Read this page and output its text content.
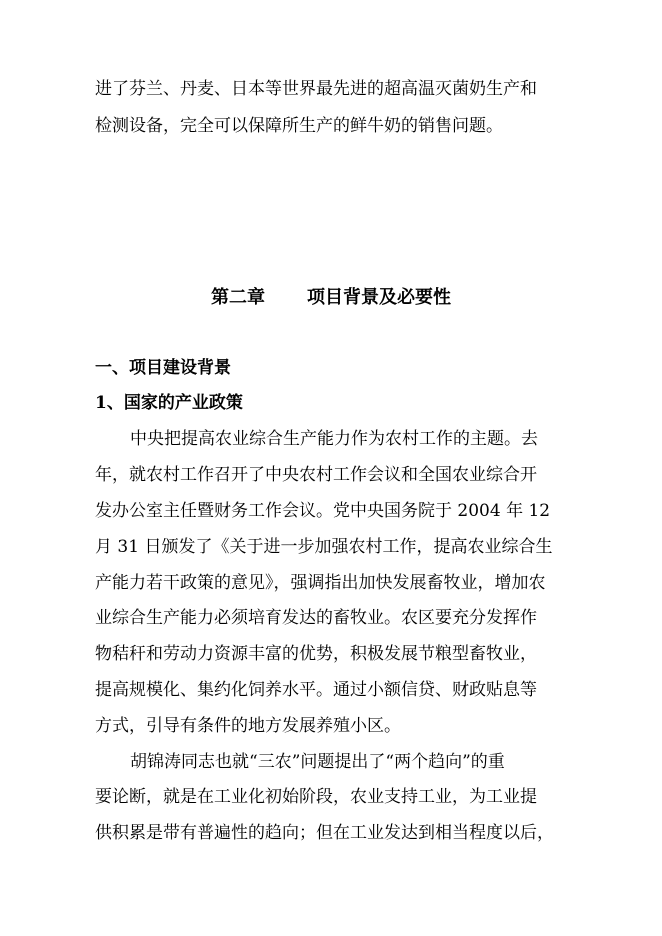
进了芬兰、丹麦、日本等世界最先进的超高温灭菌奶生产和
检测设备，完全可以保障所生产的鲜牛奶的销售问题。
第二章 项目背景及必要性
一、项目建设背景
1、国家的产业政策
中央把提高农业综合生产能力作为农村工作的主题。去
年，就农村工作召开了中央农村工作会议和全国农业综合开
发办公室主任暨财务工作会议。党中央国务院于 2004 年 12
月 31 日颁发了《关于进一步加强农村工作，提高农业综合生
产能力若干政策的意见》，强调指出加快发展畜牧业，增加农
业综合生产能力必须培育发达的畜牧业。农区要充分发挥作
物秸秆和劳动力资源丰富的优势，积极发展节粮型畜牧业，
提高规模化、集约化饲养水平。通过小额信贷、财政贴息等
方式，引导有条件的地方发展养殖小区。
胡锦涛同志也就“三农”问题提出了“两个趋向”的重
要论断，就是在工业化初始阶段，农业支持工业，为工业提
供积累是带有普遍性的趋向；但在工业发达到相当程度以后，
